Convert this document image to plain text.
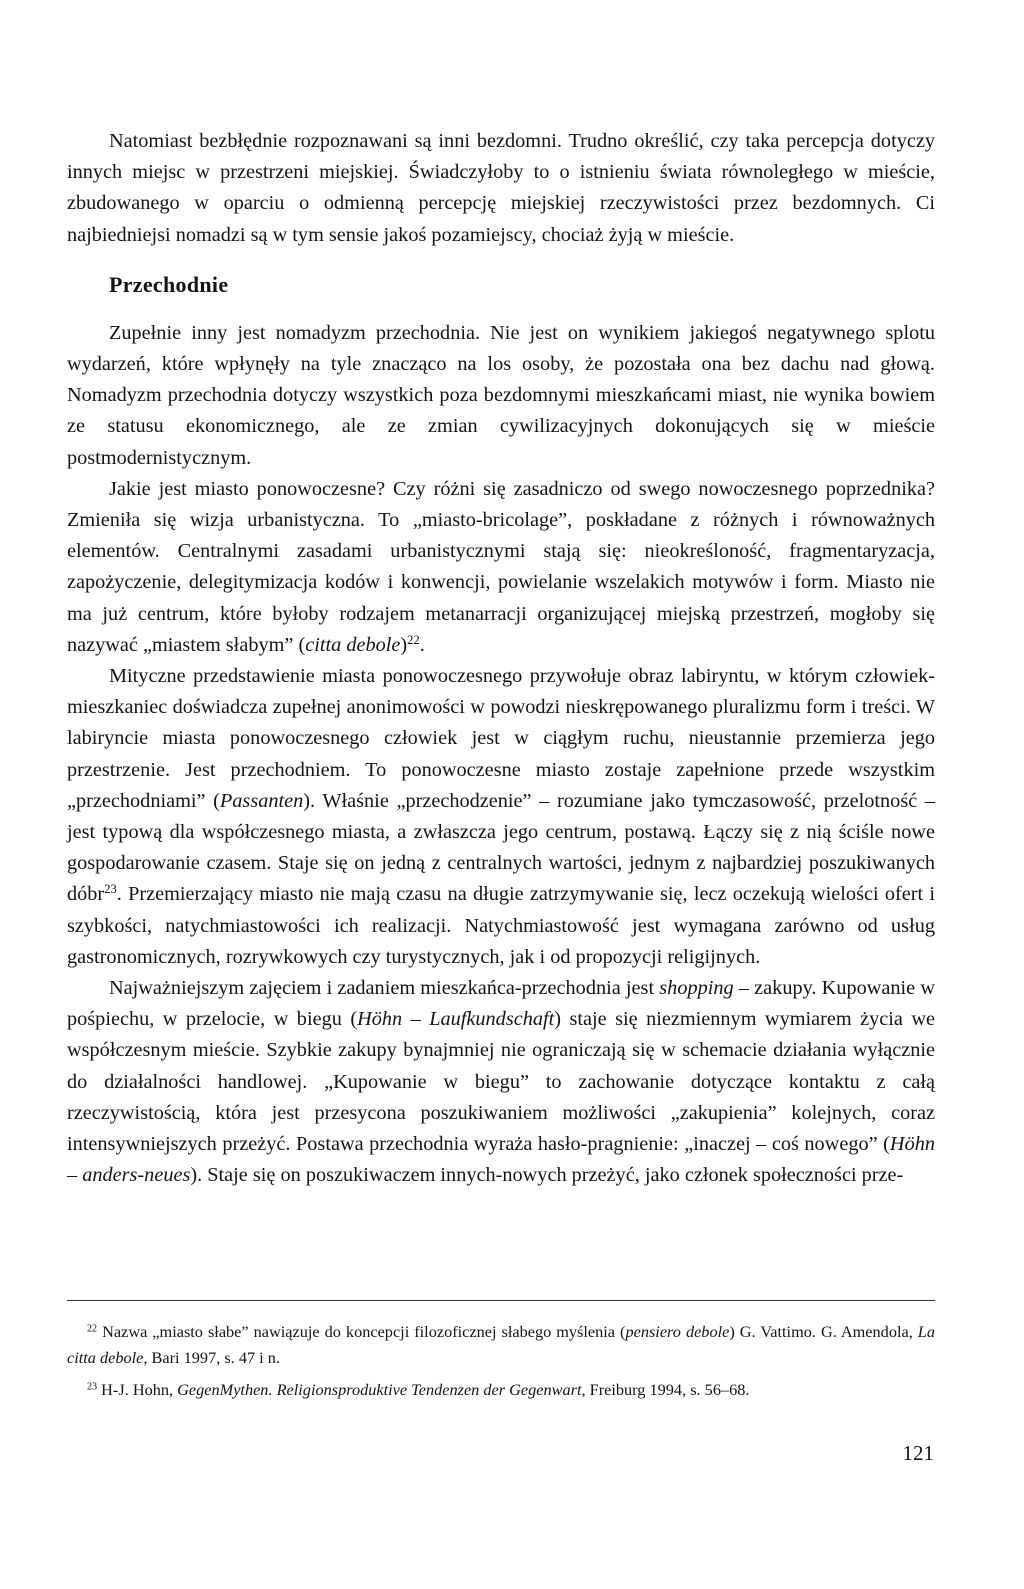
Natomiast bezbłędnie rozpoznawani są inni bezdomni. Trudno określić, czy taka percepcja dotyczy innych miejsc w przestrzeni miejskiej. Świadczyłoby to o istnieniu świata równoległego w mieście, zbudowanego w oparciu o odmienną percepcję miejskiej rzeczywistości przez bezdomnych. Ci najbiedniejsi nomadzi są w tym sensie jakoś pozamiejscy, chociaż żyją w mieście.

Przechodnie

Zupełnie inny jest nomadyzm przechodnia. Nie jest on wynikiem jakiegoś negatywnego splotu wydarzeń, które wpłynęły na tyle znacząco na los osoby, że pozostała ona bez dachu nad głową. Nomadyzm przechodnia dotyczy wszystkich poza bezdomnymi mieszkańcami miast, nie wynika bowiem ze statusu ekonomicznego, ale ze zmian cywilizacyjnych dokonujących się w mieście postmodernistycznym.

Jakie jest miasto ponowoczesne? Czy różni się zasadniczo od swego nowoczesnego poprzednika? Zmieniła się wizja urbanistyczna. To „miasto-bricolage”, poskładane z różnych i równoważnych elementów. Centralnymi zasadami urbanistycznymi stają się: nieokreśloność, fragmentaryzacja, zapożyczenie, delegitymizacja kodów i konwencji, powielanie wszelakich motywów i form. Miasto nie ma już centrum, które byłoby rodzajem metanarracji organizującej miejską przestrzeń, mogłoby się nazywać „miastem słabym” (citta debole)$^{22}$.

Mityczne przedstawienie miasta ponowoczesnego przywołuje obraz labiryntu, w którym człowiek-mieszkaniec doświadcza zupełnej anonimowości w powodzi nieskrępowanego pluralizmu form i treści. W labiryncie miasta ponowoczesnego człowiek jest w ciągłym ruchu, nieustannie przemierza jego przestrzenie. Jest przechodniem. To ponowoczesne miasto zostaje zapełnione przede wszystkim „przechodniami” (Passanten). Właśnie „przechodzenie” – rozumiane jako tymczasowość, przelotność – jest typową dla współczesnego miasta, a zwłaszcza jego centrum, postawą. Łączy się z nią ściśle nowe gospodarowanie czasem. Staje się on jedną z centralnych wartości, jednym z najbardziej poszukiwanych dóbr$^{23}$. Przemierzający miasto nie mają czasu na długie zatrzymywanie się, lecz oczekują wielości ofert i szybkości, natychmiastowości ich realizacji. Natychmiastowość jest wymagana zarówno od usług gastronomicznych, rozrywkowych czy turystycznych, jak i od propozycji religijnych.

Najważniejszym zajęciem i zadaniem mieszkańca-przechodnia jest shopping – zakupy. Kupowanie w pośpiechu, w przelocie, w biegu (Höhn – Laufkundschaft) staje się niezmiennym wymiarem życia we współczesnym mieście. Szybkie zakupy bynajmniej nie ograniczają się w schemacie działania wyłącznie do działalności handlowej. „Kupowanie w biegu” to zachowanie dotyczące kontaktu z całą rzeczywistością, która jest przesycona poszukiwaniem możliwości „zakupienia” kolejnych, coraz intensywniejszych przeżyć. Postawa przechodnia wyraża hasło-pragnienie: „inaczej – coś nowego” (Höhn – anders-neues). Staje się on poszukiwaczem innych-nowych przeżyć, jako członek społeczności prze-

$^{22}$ Nazwa „miasto słabe” nawiązuje do koncepcji filozoficznej słabego myślenia (pensiero debole) G. Vattimo. G. Amendola, La citta debole, Bari 1997, s. 47 i n.

$^{23}$ H-J. Hohn, GegenMythen. Religionsproduktive Tendenzen der Gegenwart, Freiburg 1994, s. 56–68.

121
